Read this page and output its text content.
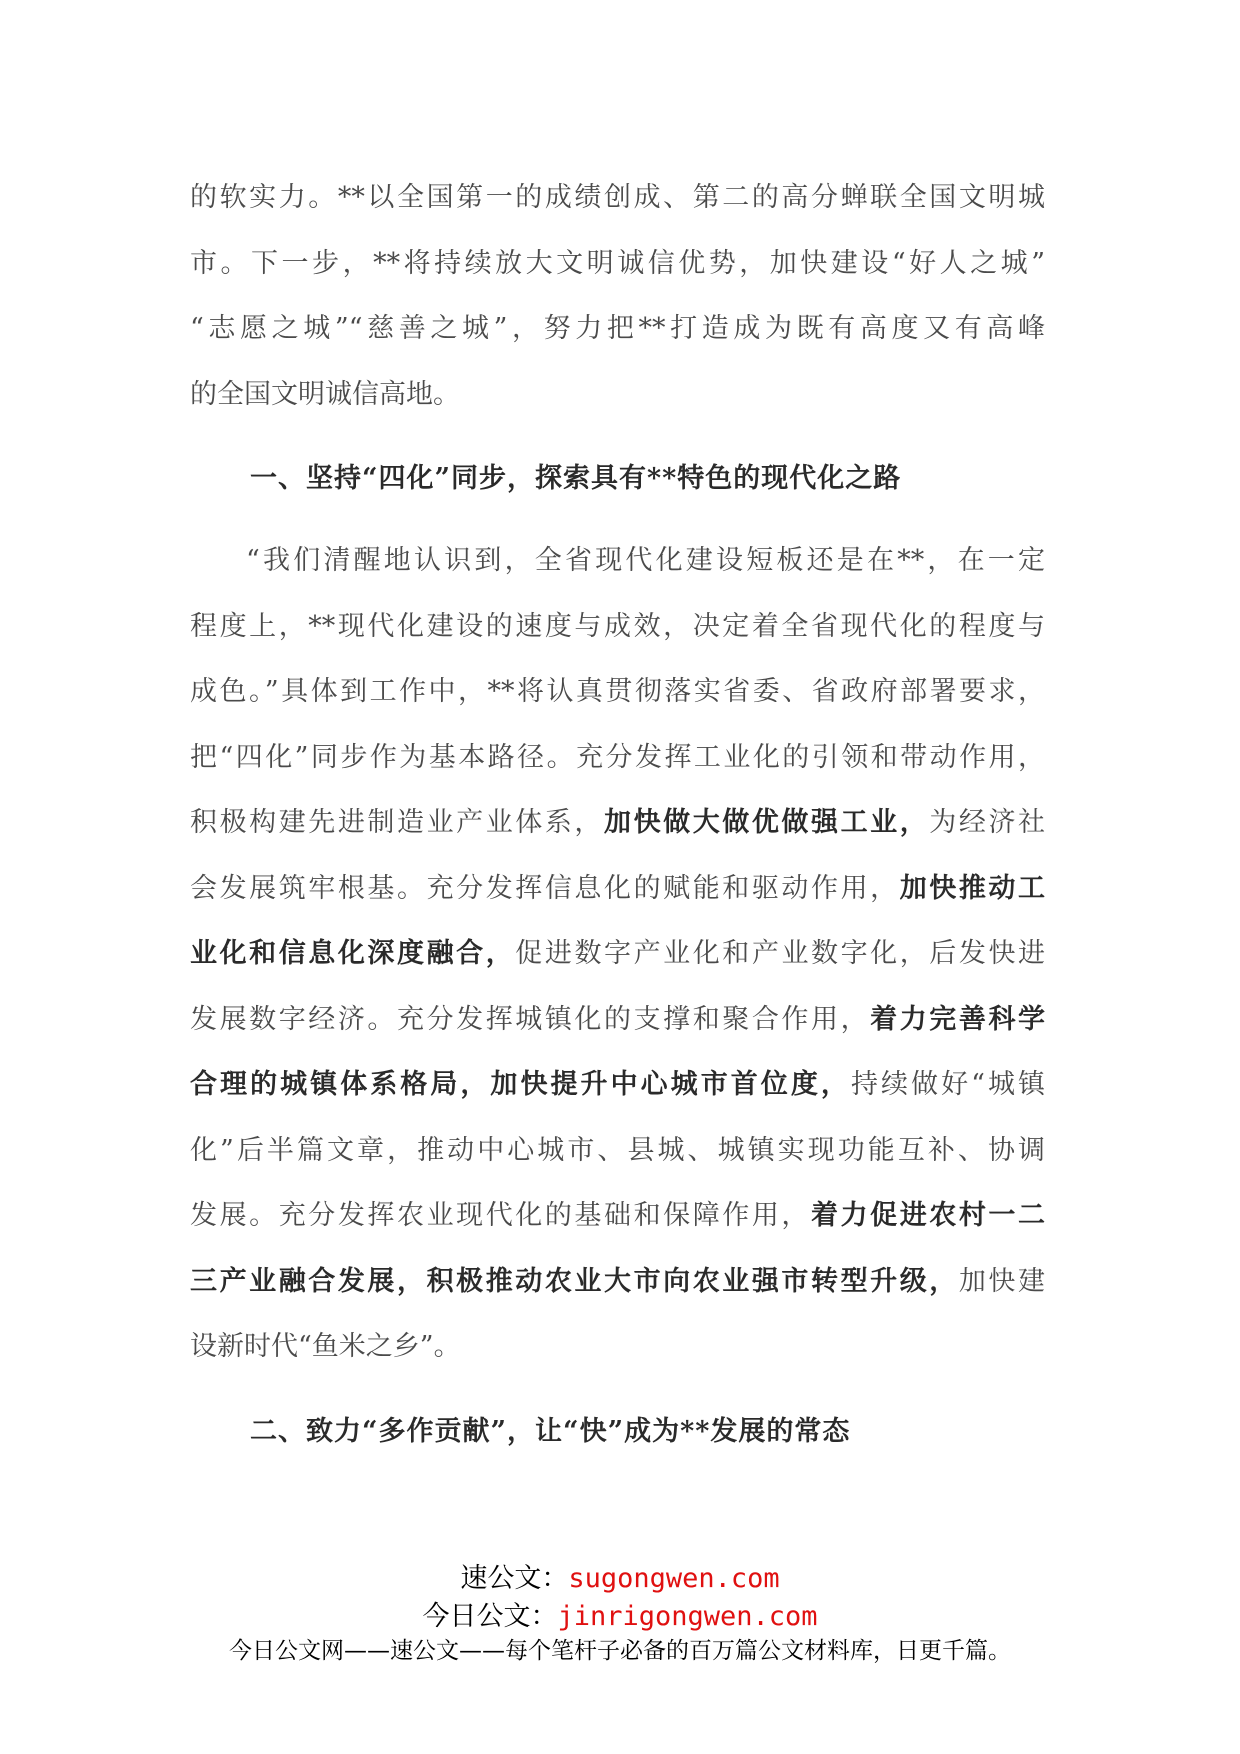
的软实力。**以全国第一的成绩创成、第二的高分蝉联全国文明城
市。下一步，**将持续放大文明诚信优势，加快建设“好人之城”
“志愿之城”“慈善之城”，努力把**打造成为既有高度又有高峰
的全国文明诚信高地。
一、坚持“四化”同步，探索具有**特色的现代化之路
“我们清醒地认识到，全省现代化建设短板还是在**，在一定
程度上，**现代化建设的速度与成效，决定着全省现代化的程度与
成色。”具体到工作中，**将认真贯彻落实省委、省政府部署要求，
把“四化”同步作为基本路径。充分发挥工业化的引领和带动作用，
积极构建先进制造业产业体系，加快做大做优做强工业，为经济社
会发展筑牢根基。充分发挥信息化的赋能和驱动作用，加快推动工
业化和信息化深度融合，促进数字产业化和产业数字化，后发快进
发展数字经济。充分发挥城镇化的支撑和聚合作用，着力完善科学
合理的城镇体系格局，加快提升中心城市首位度，持续做好“城镇
化”后半篇文章，推动中心城市、县城、城镇实现功能互补、协调
发展。充分发挥农业现代化的基础和保障作用，着力促进农村一二
三产业融合发展，积极推动农业大市向农业强市转型升级，加快建
设新时代“鱼米之乡”。
二、致力“多作贡献”，让“快”成为**发展的常态
速公文：sugongwen.com
今日公文：jinrigongwen.com
今日公文网——速公文——每个笔杆子必备的百万篇公文材料库，日更千篇。
